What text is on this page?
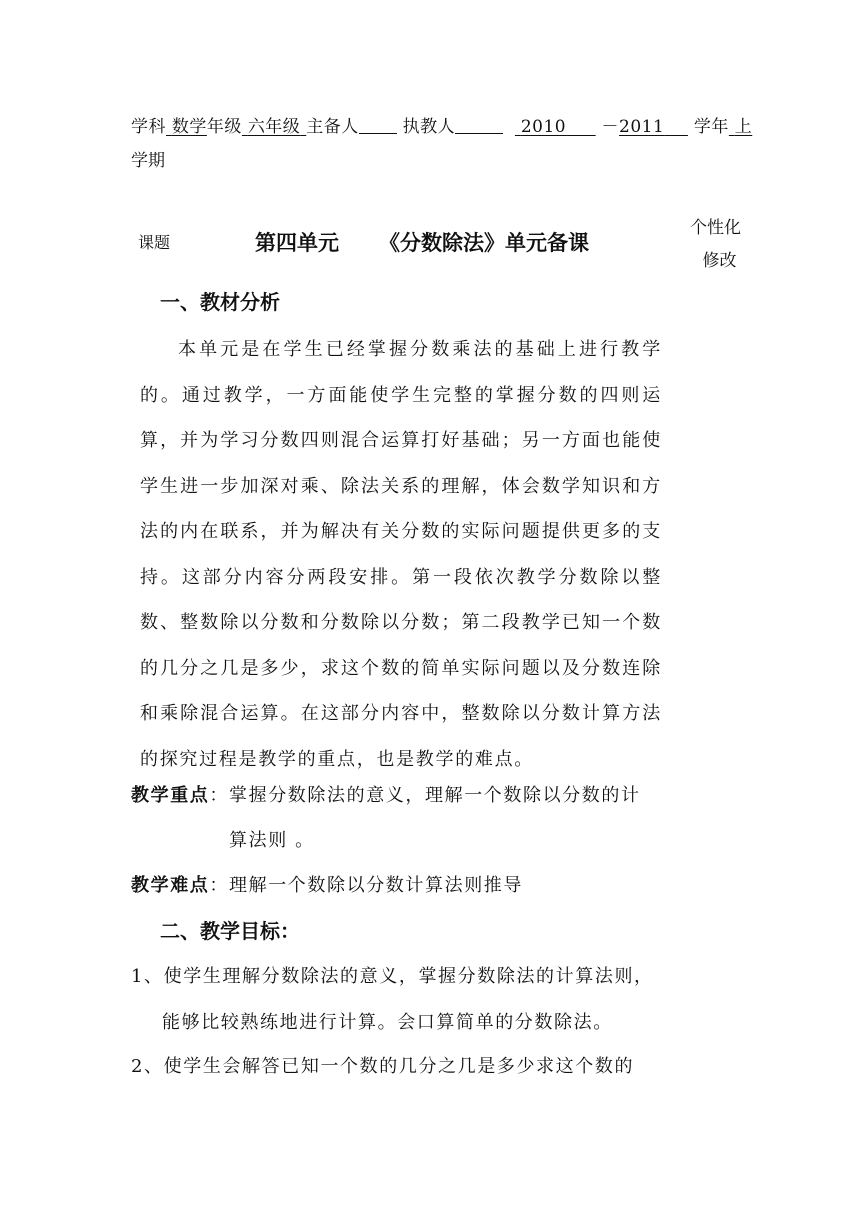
学科 数学年级 六年级 主备人	执教人	2010 －2011 学年 上
学期
个性化
修改
课题	第四单元 《分数除法》单元备课
一、教材分析
本单元是在学生已经掌握分数乘法的基础上进行教学的。通过教学，一方面能使学生完整的掌握分数的四则运算，并为学习分数四则混合运算打好基础；另一方面也能使学生进一步加深对乘、除法关系的理解，体会数学知识和方法的内在联系，并为解决有关分数的实际问题提供更多的支持。这部分内容分两段安排。第一段依次教学分数除以整数、整数除以分数和分数除以分数；第二段教学已知一个数的几分之几是多少，求这个数的简单实际问题以及分数连除和乘除混合运算。在这部分内容中，整数除以分数计算方法的探究过程是教学的重点，也是教学的难点。
教学重点：掌握分数除法的意义，理解一个数除以分数的计
算法则 。
教学难点：理解一个数除以分数计算法则推导
二、教学目标：
1、使学生理解分数除法的意义，掌握分数除法的计算法则，
能够比较熟练地进行计算。会口算简单的分数除法。
2、使学生会解答已知一个数的几分之几是多少求这个数的
